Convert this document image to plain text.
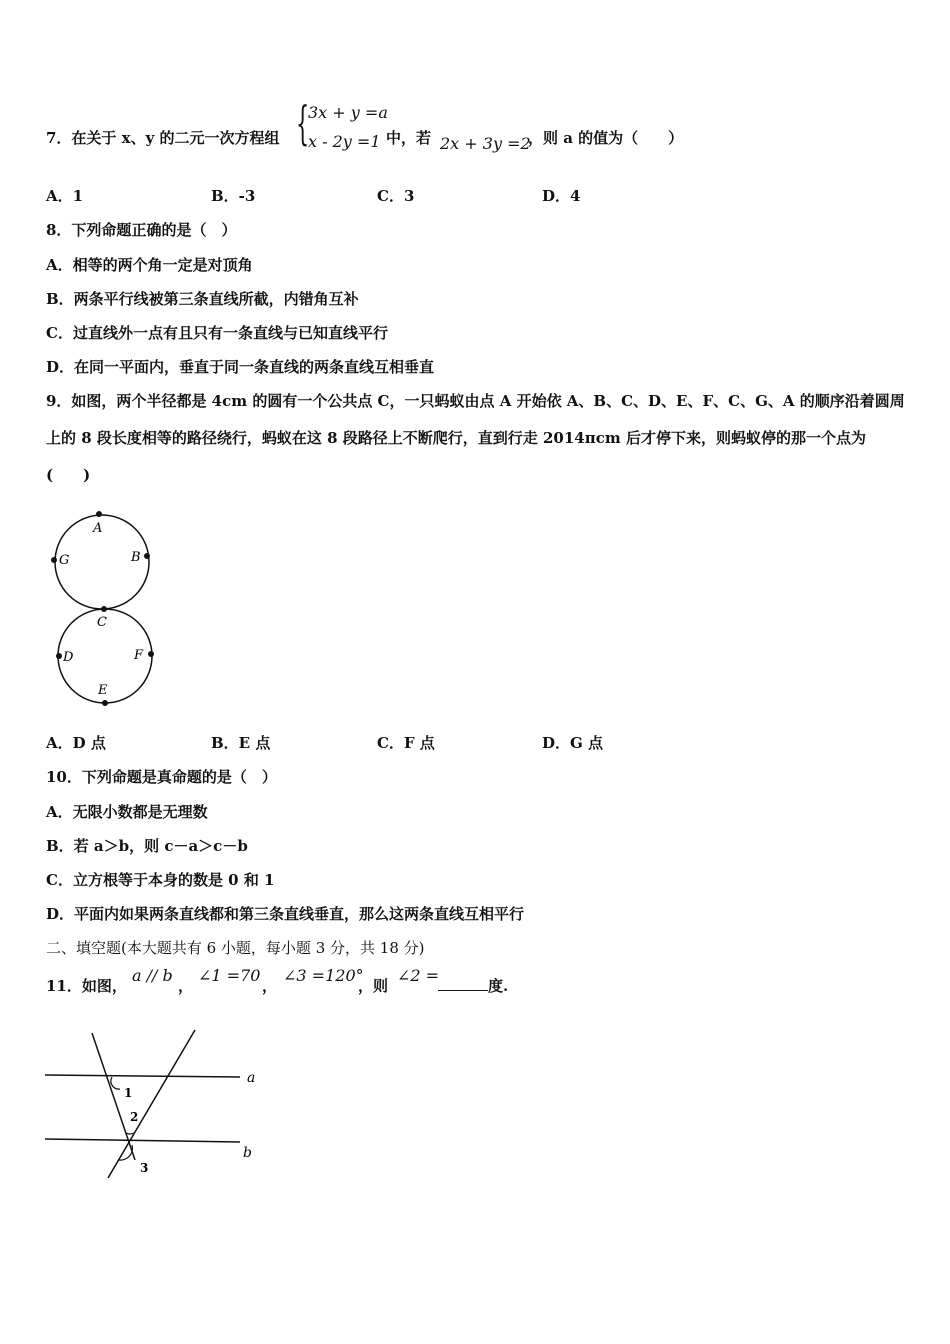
7．在关于 x、y 的二元一次方程组 {
3x + y =a
x - 2y =1 中，若 2x + 3y =2
，则 a 的值为（　　）
A．1	B．-3	C．3	D．4
8．下列命题正确的是（　）
A．相等的两个角一定是对顶角
B．两条平行线被第三条直线所截，内错角互补
C．过直线外一点有且只有一条直线与已知直线平行
D．在同一平面内，垂直于同一条直线的两条直线互相垂直
9．如图，两个半径都是 4cm 的圆有一个公共点 C，一只蚂蚁由点 A 开始依 A、B、C、D、E、F、C、G、A 的顺序沿着圆周上的 8 段长度相等的路径绕行，蚂蚁在这 8 段路径上不断爬行，直到行走 2014πcm 后才停下来，则蚂蚁停的那一个点为(　　)
A
B
C
D
E
F
G
A．D 点	B．E 点	C．F 点	D．G 点
10．下列命题是真命题的是（　）
A．无限小数都是无理数
B．若 a＞b，则 c－a＞c－b
C．立方根等于本身的数是 0 和 1
D．平面内如果两条直线都和第三条直线垂直，那么这两条直线互相平行
二、填空题(本大题共有 6 小题，每小题 3 分，共 18 分)
11．如图，
a // b
，
∠1 =70
，
∠3 =120°
，则
∠2 =
度.
a
b
1
2
3
